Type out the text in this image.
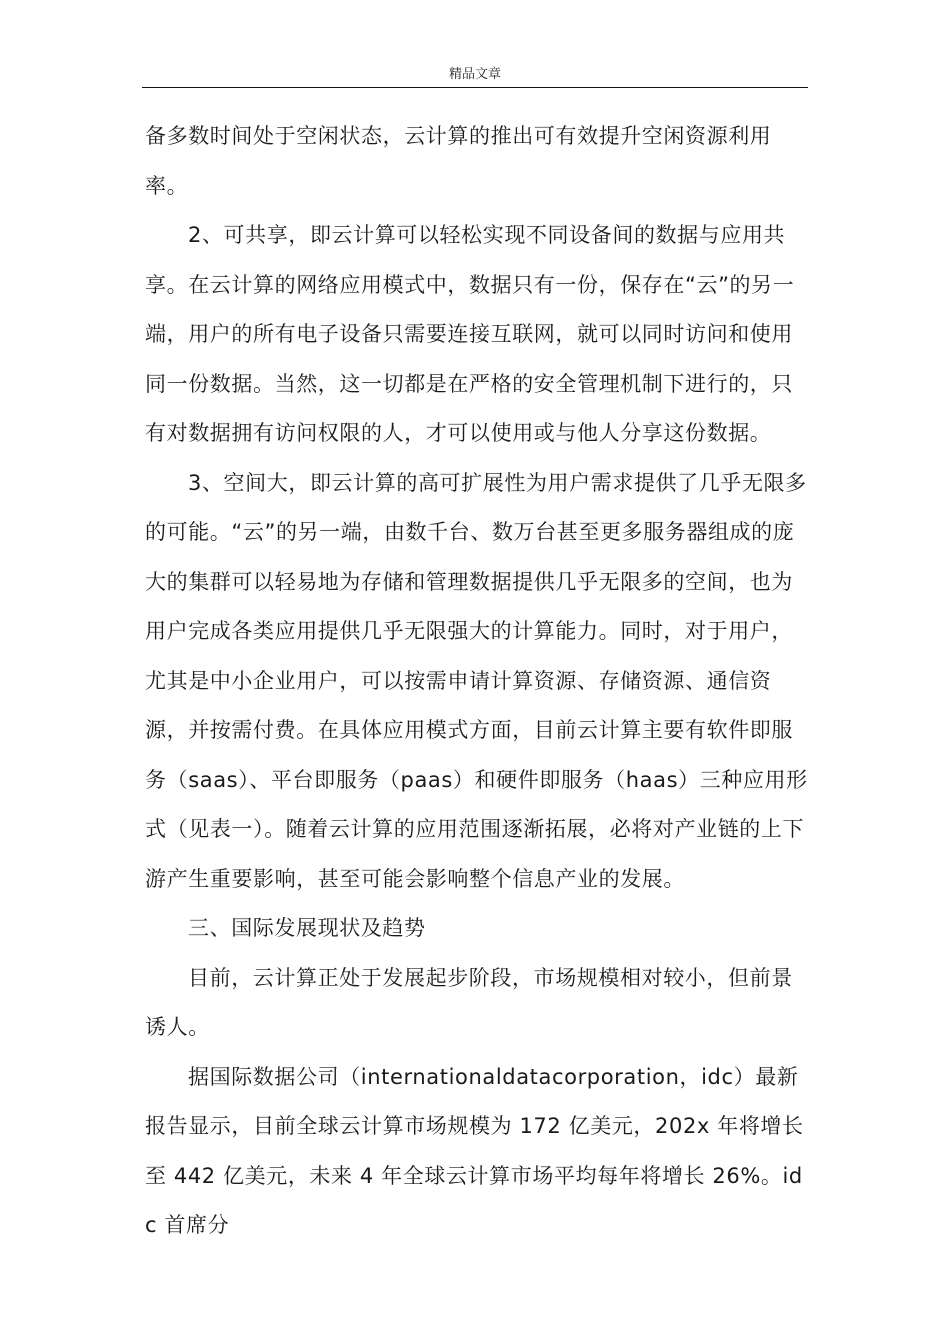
精品文章

备多数时间处于空闲状态，云计算的推出可有效提升空闲资源利用率。

2、可共享，即云计算可以轻松实现不同设备间的数据与应用共享。在云计算的网络应用模式中，数据只有一份，保存在“云”的另一端，用户的所有电子设备只需要连接互联网，就可以同时访问和使用同一份数据。当然，这一切都是在严格的安全管理机制下进行的，只有对数据拥有访问权限的人，才可以使用或与他人分享这份数据。

3、空间大，即云计算的高可扩展性为用户需求提供了几乎无限多的可能。“云”的另一端，由数千台、数万台甚至更多服务器组成的庞大的集群可以轻易地为存储和管理数据提供几乎无限多的空间，也为用户完成各类应用提供几乎无限强大的计算能力。同时，对于用户，尤其是中小企业用户，可以按需申请计算资源、存储资源、通信资源，并按需付费。在具体应用模式方面，目前云计算主要有软件即服务（saas）、平台即服务（paas）和硬件即服务（haas）三种应用形式（见表一）。随着云计算的应用范围逐渐拓展，必将对产业链的上下游产生重要影响，甚至可能会影响整个信息产业的发展。

三、国际发展现状及趋势

目前，云计算正处于发展起步阶段，市场规模相对较小，但前景诱人。

据国际数据公司（internationaldatacorporation，idc）最新报告显示，目前全球云计算市场规模为 172 亿美元，202x 年将增长至 442 亿美元，未来 4 年全球云计算市场平均每年将增长 26%。idc 首席分
